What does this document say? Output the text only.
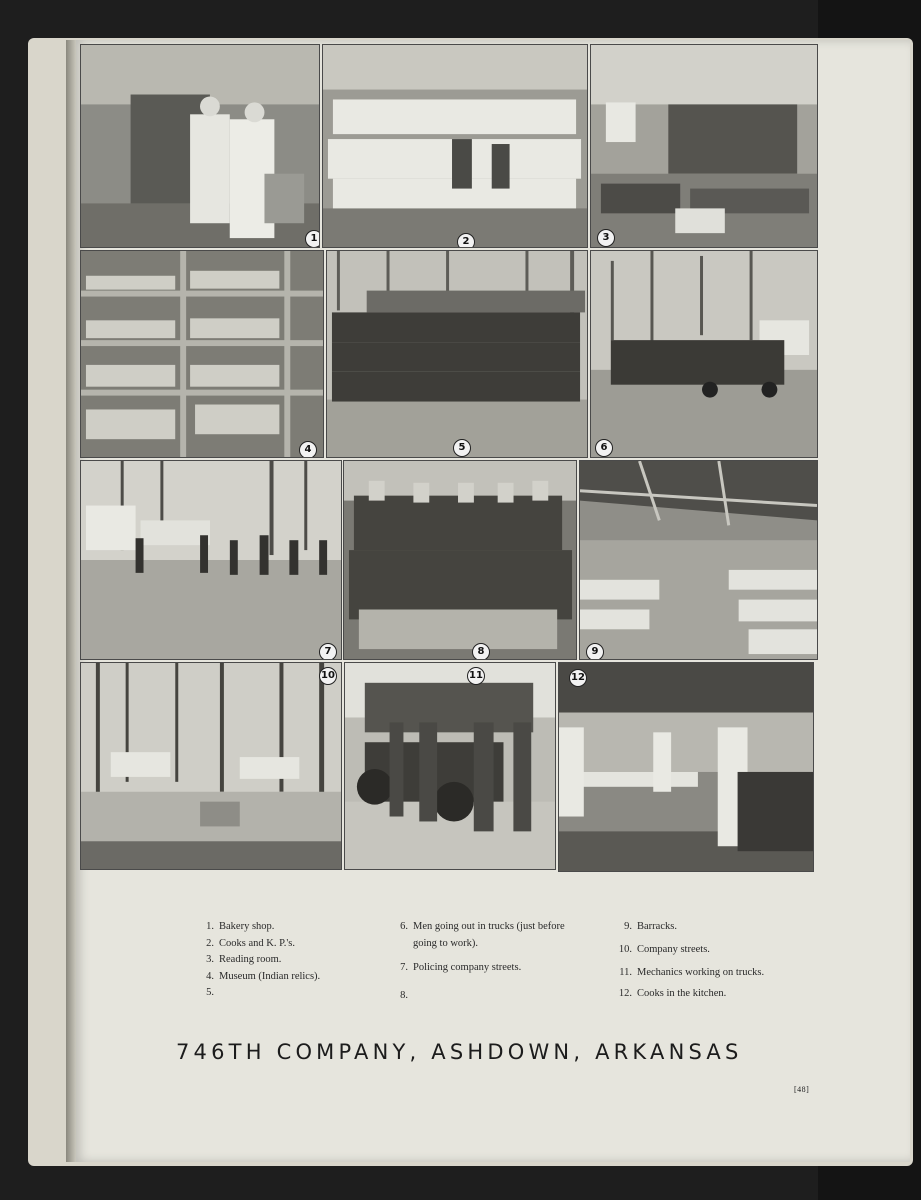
1	2	3
4	5	6
7	8	9
10	11	12
1. Bakery shop.
2. Cooks and K. P.'s.
3. Reading room.
4. Museum (Indian relics).
5.
6. Men going out in trucks (just before going to work).
7. Policing company streets.
8.
9. Barracks.
10. Company streets.
11. Mechanics working on trucks.
12. Cooks in the kitchen.
746TH COMPANY, ASHDOWN, ARKANSAS
[48]
